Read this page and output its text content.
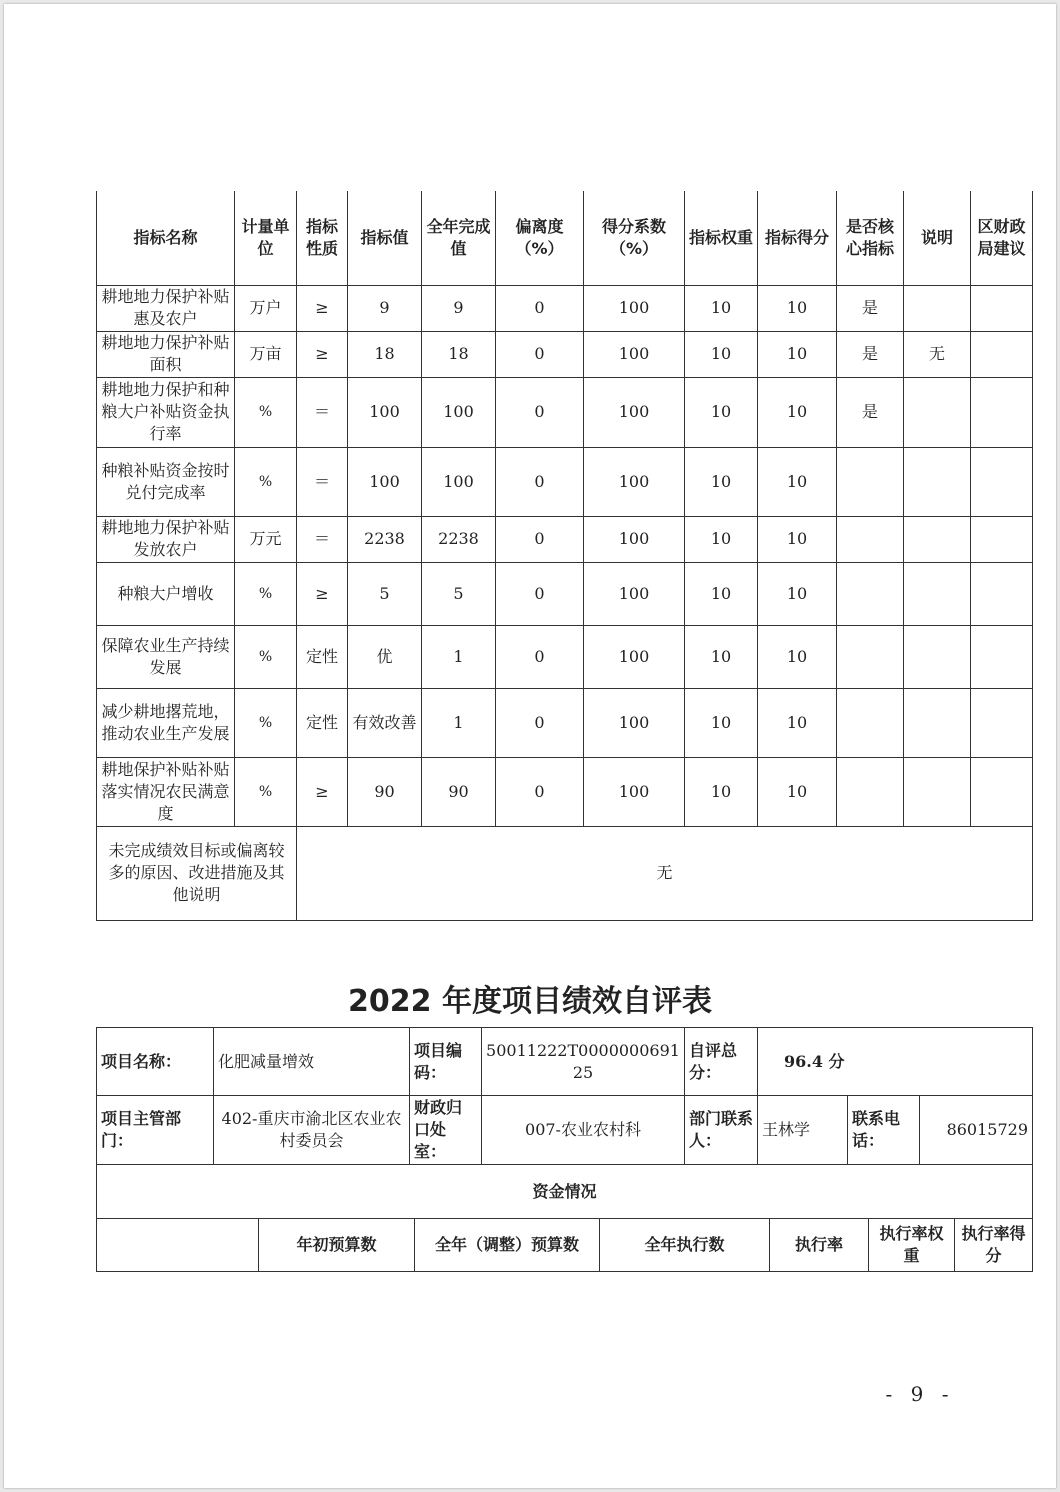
指标名称	计量单位	指标性质	指标值	全年完成值	偏离度（%）	得分系数（%）	指标权重	指标得分	是否核心指标	说明	区财政局建议
耕地地力保护补贴惠及农户	万户	≥	9	9	0	100	10	10	是		
耕地地力保护补贴面积	万亩	≥	18	18	0	100	10	10	是	无	
耕地地力保护和种粮大户补贴资金执行率	%	＝	100	100	0	100	10	10	是		
种粮补贴资金按时兑付完成率	%	＝	100	100	0	100	10	10			
耕地地力保护补贴发放农户	万元	＝	2238	2238	0	100	10	10			
种粮大户增收	%	≥	5	5	0	100	10	10			
保障农业生产持续发展	%	定性	优	1	0	100	10	10			
减少耕地撂荒地，推动农业生产发展	%	定性	有效改善	1	0	100	10	10			
耕地保护补贴补贴落实情况农民满意度	%	≥	90	90	0	100	10	10			
未完成绩效目标或偏离较多的原因、改进措施及其他说明		无									
2022 年度项目绩效自评表
项目名称：	化肥减量增效	项目编码：	50011222T000000069125	自评总分：	96.4 分		
项目主管部门：	402-重庆市渝北区农业农村委员会	财政归口处室：	007-农业农村科	部门联系人：	王林学	联系电话：	86015729
资金情况
	年初预算数	全年（调整）预算数	全年执行数	执行率	执行率权重	执行率得分
- 9 -
